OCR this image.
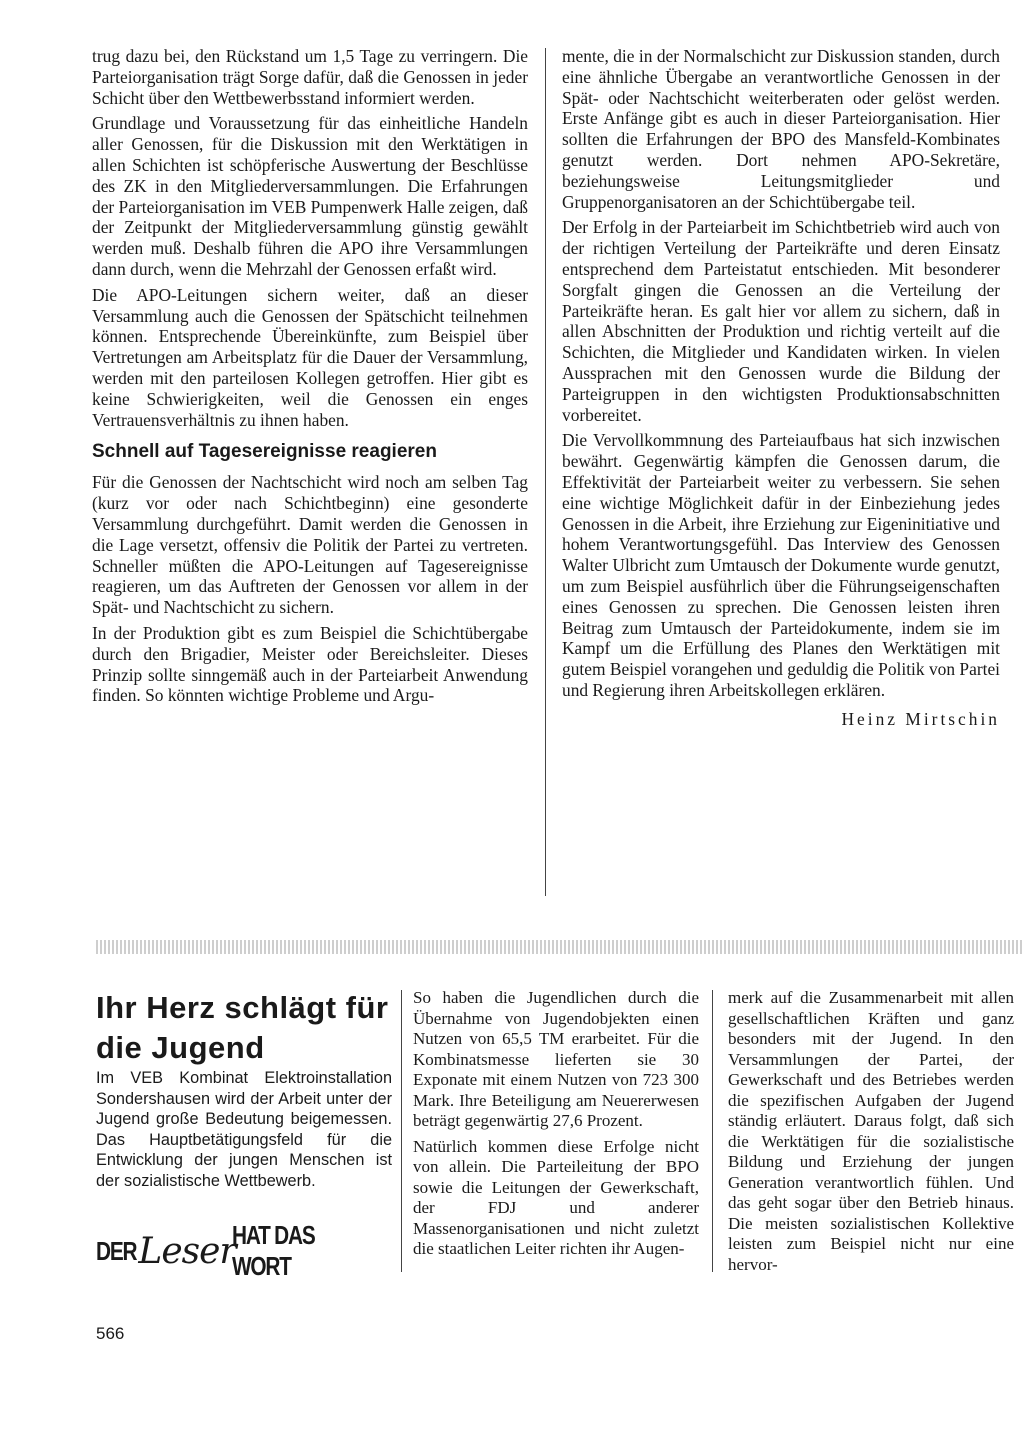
trug dazu bei, den Rückstand um 1,5 Tage zu verringern. Die Parteiorganisation trägt Sorge dafür, daß die Genossen in jeder Schicht über den Wettbewerbsstand informiert werden.

Grundlage und Voraussetzung für das einheitliche Handeln aller Genossen, für die Diskussion mit den Werktätigen in allen Schichten ist schöpferische Auswertung der Beschlüsse des ZK in den Mitgliederversammlungen. Die Erfahrungen der Parteiorganisation im VEB Pumpenwerk Halle zeigen, daß der Zeitpunkt der Mitgliederversammlung günstig gewählt werden muß. Deshalb führen die APO ihre Versammlungen dann durch, wenn die Mehrzahl der Genossen erfaßt wird.

Die APO-Leitungen sichern weiter, daß an dieser Versammlung auch die Genossen der Spätschicht teilnehmen können. Entsprechende Übereinkünfte, zum Beispiel über Vertretungen am Arbeitsplatz für die Dauer der Versammlung, werden mit den parteilosen Kollegen getroffen. Hier gibt es keine Schwierigkeiten, weil die Genossen ein enges Vertrauensverhältnis zu ihnen haben.

Schnell auf Tagesereignisse reagieren

Für die Genossen der Nachtschicht wird noch am selben Tag (kurz vor oder nach Schichtbeginn) eine gesonderte Versammlung durchgeführt. Damit werden die Genossen in die Lage versetzt, offensiv die Politik der Partei zu vertreten. Schneller müßten die APO-Leitungen auf Tagesereignisse reagieren, um das Auftreten der Genossen vor allem in der Spät- und Nachtschicht zu sichern.

In der Produktion gibt es zum Beispiel die Schichtübergabe durch den Brigadier, Meister oder Bereichsleiter. Dieses Prinzip sollte sinngemäß auch in der Parteiarbeit Anwendung finden. So könnten wichtige Probleme und Argu-

mente, die in der Normalschicht zur Diskussion standen, durch eine ähnliche Übergabe an verantwortliche Genossen in der Spät- oder Nachtschicht weiterberaten oder gelöst werden. Erste Anfänge gibt es auch in dieser Parteiorganisation. Hier sollten die Erfahrungen der BPO des Mansfeld-Kombinates genutzt werden. Dort nehmen APO-Sekretäre, beziehungsweise Leitungsmitglieder und Gruppenorganisatoren an der Schichtübergabe teil.

Der Erfolg in der Parteiarbeit im Schichtbetrieb wird auch von der richtigen Verteilung der Parteikräfte und deren Einsatz entsprechend dem Parteistatut entschieden. Mit besonderer Sorgfalt gingen die Genossen an die Verteilung der Parteikräfte heran. Es galt hier vor allem zu sichern, daß in allen Abschnitten der Produktion und richtig verteilt auf die Schichten, die Mitglieder und Kandidaten wirken. In vielen Aussprachen mit den Genossen wurde die Bildung der Parteigruppen in den wichtigsten Produktionsabschnitten vorbereitet.

Die Vervollkommnung des Parteiaufbaus hat sich inzwischen bewährt. Gegenwärtig kämpfen die Genossen darum, die Effektivität der Parteiarbeit weiter zu verbessern. Sie sehen eine wichtige Möglichkeit dafür in der Einbeziehung jedes Genossen in die Arbeit, ihre Erziehung zur Eigeninitiative und hohem Verantwortungsgefühl. Das Interview des Genossen Walter Ulbricht zum Umtausch der Dokumente wurde genutzt, um zum Beispiel ausführlich über die Führungseigenschaften eines Genossen zu sprechen. Die Genossen leisten ihren Beitrag zum Umtausch der Parteidokumente, indem sie im Kampf um die Erfüllung des Planes den Werktätigen mit gutem Beispiel vorangehen und geduldig die Politik von Partei und Regierung ihren Arbeitskollegen erklären.

Heinz Mirtschin
Ihr Herz schlägt für die Jugend

Im VEB Kombinat Elektroinstallation Sondershausen wird der Arbeit unter der Jugend große Bedeutung beigemessen. Das Hauptbetätigungsfeld für die Entwicklung der jungen Menschen ist der sozialistische Wettbewerb.

So haben die Jugendlichen durch die Übernahme von Jugendobjekten einen Nutzen von 65,5 TM erarbeitet. Für die Kombinatsmesse lieferten sie 30 Exponate mit einem Nutzen von 723 300 Mark. Ihre Beteiligung am Neuererwesen beträgt gegenwärtig 27,6 Prozent.

Natürlich kommen diese Erfolge nicht von allein. Die Parteileitung der BPO sowie die Leitungen der Gewerkschaft, der FDJ und anderer Massenorganisationen und nicht zuletzt die staatlichen Leiter richten ihr Augen-

merk auf die Zusammenarbeit mit allen gesellschaftlichen Kräften und ganz besonders mit der Jugend. In den Versammlungen der Partei, der Gewerkschaft und des Betriebes werden die spezifischen Aufgaben der Jugend ständig erläutert. Daraus folgt, daß sich die Werktätigen für die sozialistische Bildung und Erziehung der jungen Generation verantwortlich fühlen. Und das geht sogar über den Betrieb hinaus. Die meisten sozialistischen Kollektive leisten zum Beispiel nicht nur eine hervor-

DER Leser
HAT DAS WORT
566
